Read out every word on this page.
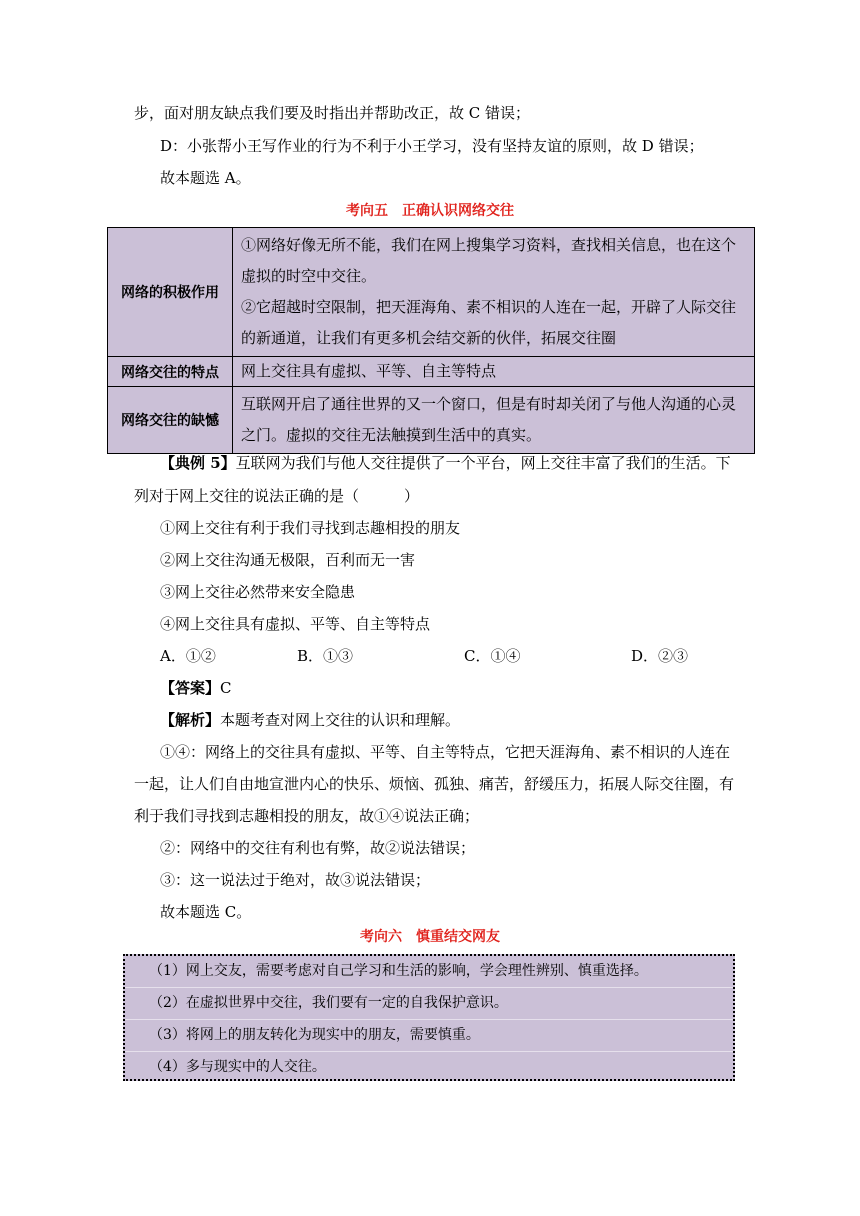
步，面对朋友缺点我们要及时指出并帮助改正，故 C 错误；
D：小张帮小王写作业的行为不利于小王学习，没有坚持友谊的原则，故 D 错误；
故本题选 A。
考向五　正确认识网络交往
网络的积极作用	①网络好像无所不能，我们在网上搜集学习资料，查找相关信息，也在这个
虚拟的时空中交往。
②它超越时空限制，把天涯海角、素不相识的人连在一起，开辟了人际交往
的新通道，让我们有更多机会结交新的伙伴，拓展交往圈

网络交往的特点	网上交往具有虚拟、平等、自主等特点

网络交往的缺憾	互联网开启了通往世界的又一个窗口，但是有时却关闭了与他人沟通的心灵
之门。虚拟的交往无法触摸到生活中的真实。
【典例 5】互联网为我们与他人交往提供了一个平台，网上交往丰富了我们的生活。下
列对于网上交往的说法正确的是（　　　）
①网上交往有利于我们寻找到志趣相投的朋友
②网上交往沟通无极限，百利而无一害
③网上交往必然带来安全隐患
④网上交往具有虚拟、平等、自主等特点
A．①②	B．①③	C．①④	D．②③
【答案】C
【解析】本题考查对网上交往的认识和理解。
①④：网络上的交往具有虚拟、平等、自主等特点，它把天涯海角、素不相识的人连在
一起，让人们自由地宣泄内心的快乐、烦恼、孤独、痛苦，舒缓压力，拓展人际交往圈，有
利于我们寻找到志趣相投的朋友，故①④说法正确；
②：网络中的交往有利也有弊，故②说法错误；
③：这一说法过于绝对，故③说法错误；
故本题选 C。
考向六　慎重结交网友
（1）网上交友，需要考虑对自己学习和生活的影响，学会理性辨别、慎重选择。
（2）在虚拟世界中交往，我们要有一定的自我保护意识。
（3）将网上的朋友转化为现实中的朋友，需要慎重。
（4）多与现实中的人交往。
